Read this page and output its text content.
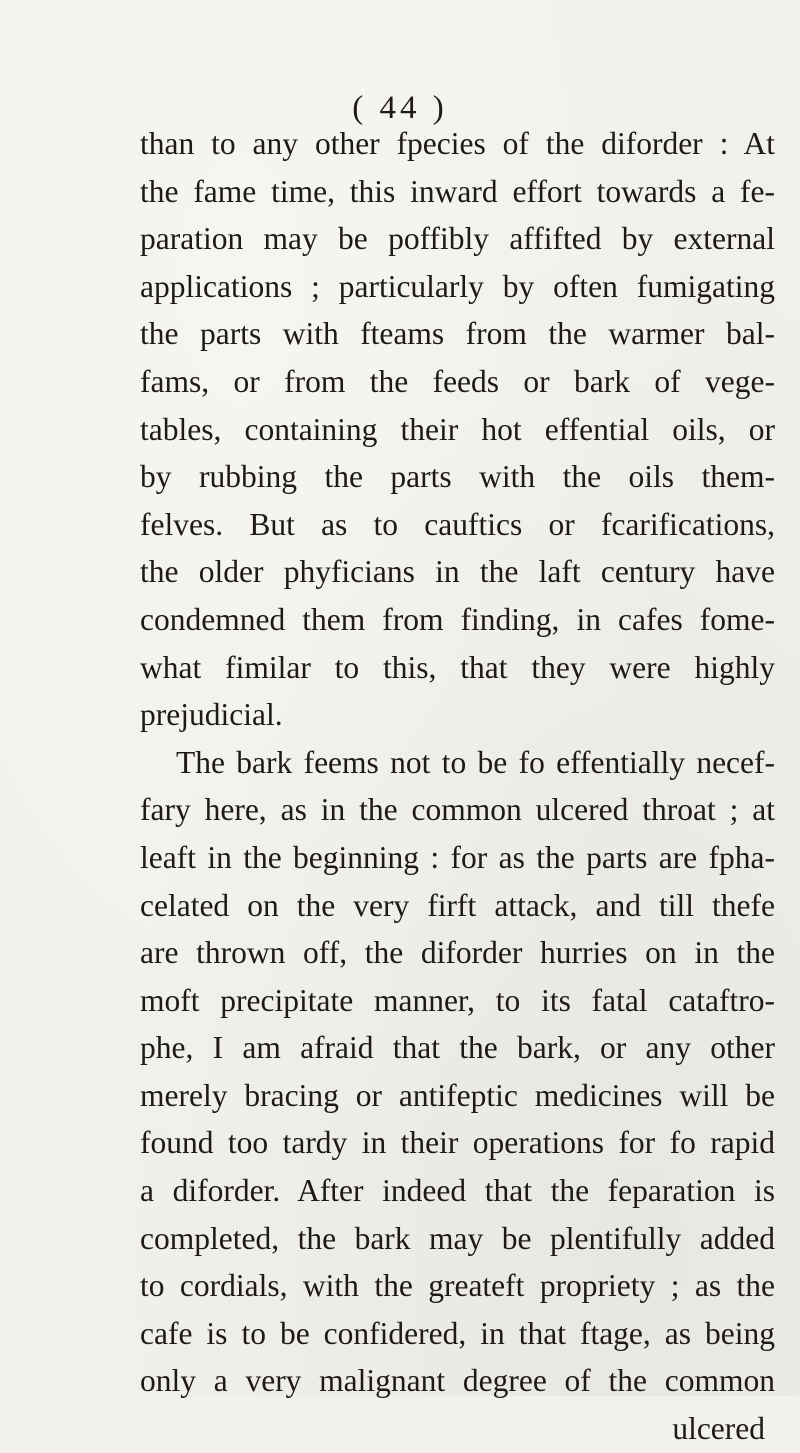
( 44 )
than to any other fpecies of the diforder : At
the fame time, this inward effort towards a fe-
paration may be poffibly affifted by external
applications ; particularly by often fumigating
the parts with fteams from the warmer bal-
fams, or from the feeds or bark of vege-
tables, containing their hot effential oils, or
by rubbing the parts with the oils them-
felves. But as to cauftics or fcarifications,
the older phyficians in the laft century have
condemned them from finding, in cafes fome-
what fimilar to this, that they were highly
prejudicial.
The bark feems not to be fo effentially necef-
fary here, as in the common ulcered throat ; at
leaft in the beginning : for as the parts are fpha-
celated on the very firft attack, and till thefe
are thrown off, the diforder hurries on in the
moft precipitate manner, to its fatal cataftro-
phe, I am afraid that the bark, or any other
merely bracing or antifeptic medicines will be
found too tardy in their operations for fo rapid
a diforder. After indeed that the feparation is
completed, the bark may be plentifully added
to cordials, with the greateft propriety ; as the
cafe is to be confidered, in that ftage, as being
only a very malignant degree of the common
ulcered
